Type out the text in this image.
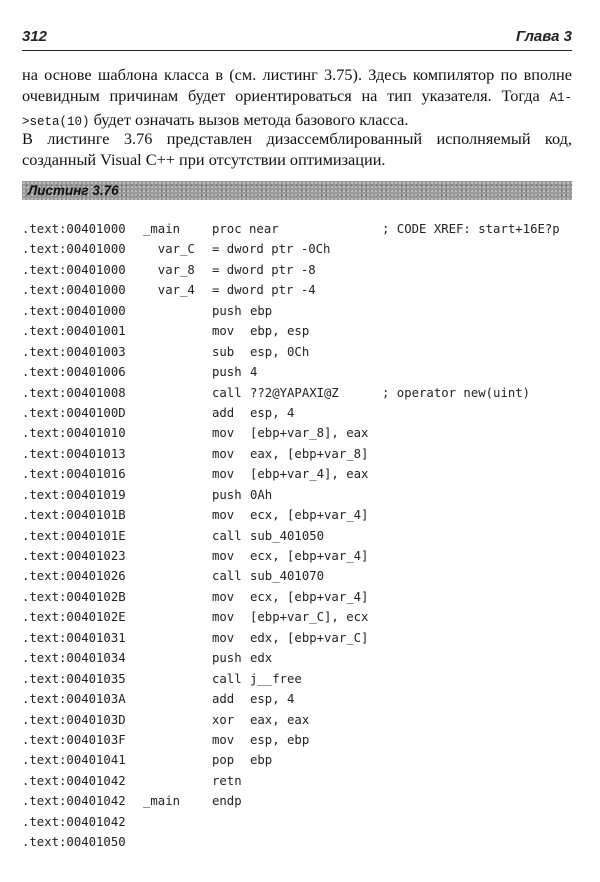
312	Глава 3
на основе шаблона класса в (см. листинг 3.75). Здесь компилятор по вполне очевидным причинам будет ориентироваться на тип указателя. Тогда A1->seta(10) будет означать вызов метода базового класса.
В листинге 3.76 представлен дизассемблированный исполняемый код, созданный Visual C++ при отсутствии оптимизации.
Листинг 3.76
.text:00401000 _main	proc near	; CODE XREF: start+16E?p
.text:00401000 var_C = dword ptr -0Ch
.text:00401000 var_8 = dword ptr -8
.text:00401000 var_4 = dword ptr -4
.text:00401000	push ebp
.text:00401001	mov ebp, esp
.text:00401003	sub esp, 0Ch
.text:00401006	push 4
.text:00401008	call ??2@YAPAXI@Z	; operator new(uint)
.text:0040100D	add esp, 4
.text:00401010	mov [ebp+var_8], eax
.text:00401013	mov eax, [ebp+var_8]
.text:00401016	mov [ebp+var_4], eax
.text:00401019	push 0Ah
.text:0040101B	mov ecx, [ebp+var_4]
.text:0040101E	call sub_401050
.text:00401023	mov ecx, [ebp+var_4]
.text:00401026	call sub_401070
.text:0040102B	mov ecx, [ebp+var_4]
.text:0040102E	mov [ebp+var_C], ecx
.text:00401031	mov edx, [ebp+var_C]
.text:00401034	push edx
.text:00401035	call j__free
.text:0040103A	add esp, 4
.text:0040103D	xor eax, eax
.text:0040103F	mov esp, ebp
.text:00401041	pop ebp
.text:00401042	retn
.text:00401042 _main	endp
.text:00401042
.text:00401050
